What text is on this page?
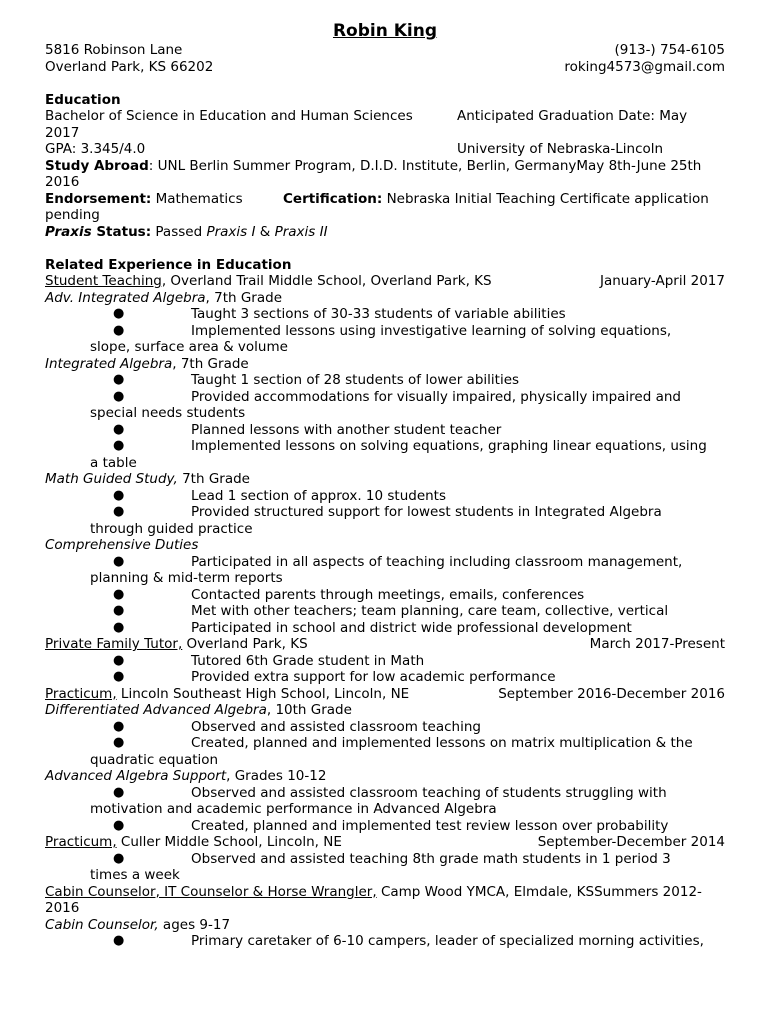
Robin King
5816 Robinson Lane	(913-) 754-6105
Overland Park, KS 66202	roking4573@gmail.com
Education
Bachelor of Science in Education and Human Sciences	Anticipated Graduation Date: May
2017
GPA: 3.345/4.0	University of Nebraska-Lincoln
Study Abroad: UNL Berlin Summer Program, D.I.D. Institute, Berlin, GermanyMay 8th-June 25th
2016
Endorsement: Mathematics	Certification: Nebraska Initial Teaching Certificate application
pending
Praxis Status: Passed Praxis I & Praxis II
Related Experience in Education
Student Teaching, Overland Trail Middle School, Overland Park, KS	January-April 2017
Adv. Integrated Algebra, 7th Grade
●	Taught 3 sections of 30-33 students of variable abilities
●	Implemented lessons using investigative learning of solving equations,
slope, surface area & volume
Integrated Algebra, 7th Grade
●	Taught 1 section of 28 students of lower abilities
●	Provided accommodations for visually impaired, physically impaired and
special needs students
●	Planned lessons with another student teacher
●	Implemented lessons on solving equations, graphing linear equations, using
a table
Math Guided Study, 7th Grade
●	Lead 1 section of approx. 10 students
●	Provided structured support for lowest students in Integrated Algebra
through guided practice
Comprehensive Duties
●	Participated in all aspects of teaching including classroom management,
planning & mid-term reports
●	Contacted parents through meetings, emails, conferences
●	Met with other teachers; team planning, care team, collective, vertical
●	Participated in school and district wide professional development
Private Family Tutor, Overland Park, KS	March 2017-Present
●	Tutored 6th Grade student in Math
●	Provided extra support for low academic performance
Practicum, Lincoln Southeast High School, Lincoln, NE	September 2016-December 2016
Differentiated Advanced Algebra, 10th Grade
●	Observed and assisted classroom teaching
●	Created, planned and implemented lessons on matrix multiplication & the
quadratic equation
Advanced Algebra Support, Grades 10-12
●	Observed and assisted classroom teaching of students struggling with
motivation and academic performance in Advanced Algebra
●	Created, planned and implemented test review lesson over probability
Practicum, Culler Middle School, Lincoln, NE	September-December 2014
●	Observed and assisted teaching 8th grade math students in 1 period 3
times a week
Cabin Counselor, IT Counselor & Horse Wrangler, Camp Wood YMCA, Elmdale, KSSummers 2012-
2016
Cabin Counselor, ages 9-17
●	Primary caretaker of 6-10 campers, leader of specialized morning activities,
